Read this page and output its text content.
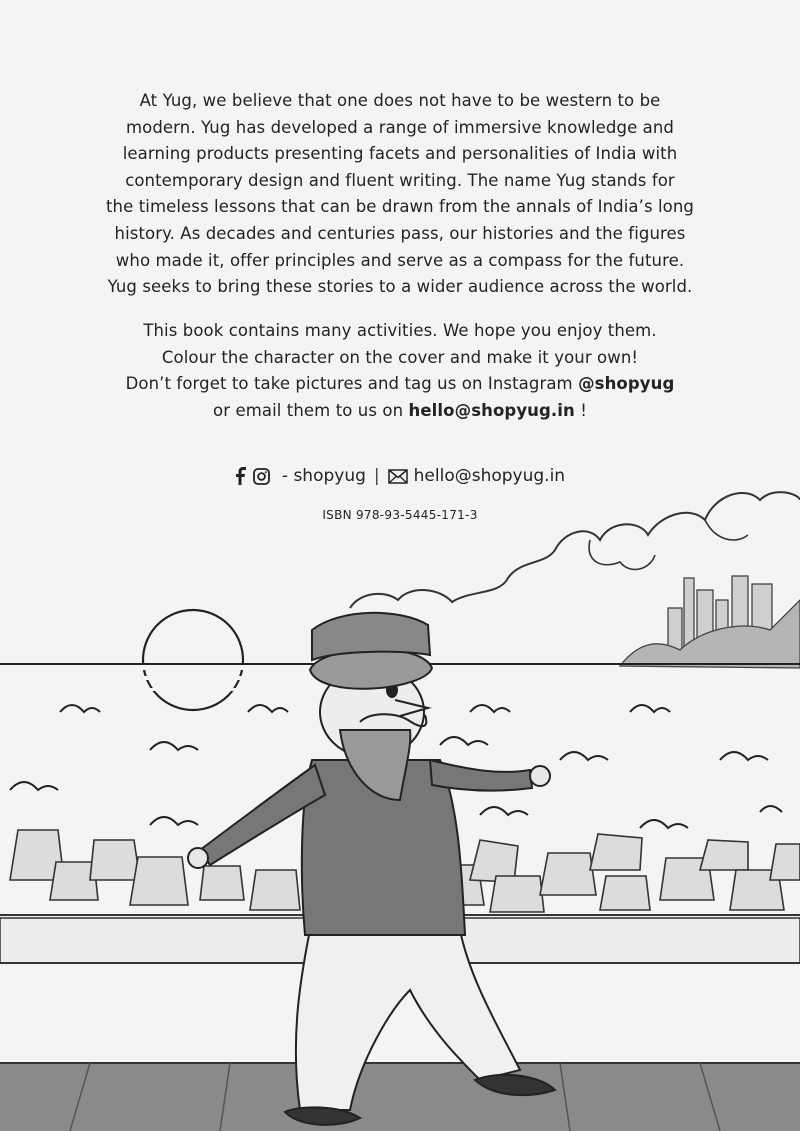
At Yug, we believe that one does not have to be western to be
modern. Yug has developed a range of immersive knowledge and
learning products presenting facets and personalities of India with
contemporary design and fluent writing. The name Yug stands for
the timeless lessons that can be drawn from the annals of India’s long
history. As decades and centuries pass, our histories and the figures
who made it, offer principles and serve as a compass for the future.
Yug seeks to bring these stories to a wider audience across the world.

This book contains many activities. We hope you enjoy them.
Colour the character on the cover and make it your own!
Don’t forget to take pictures and tag us on Instagram @shopyug
or email them to us on hello@shopyug.in !

- shopyug | hello@shopyug.in
ISBN 978-93-5445-171-3
